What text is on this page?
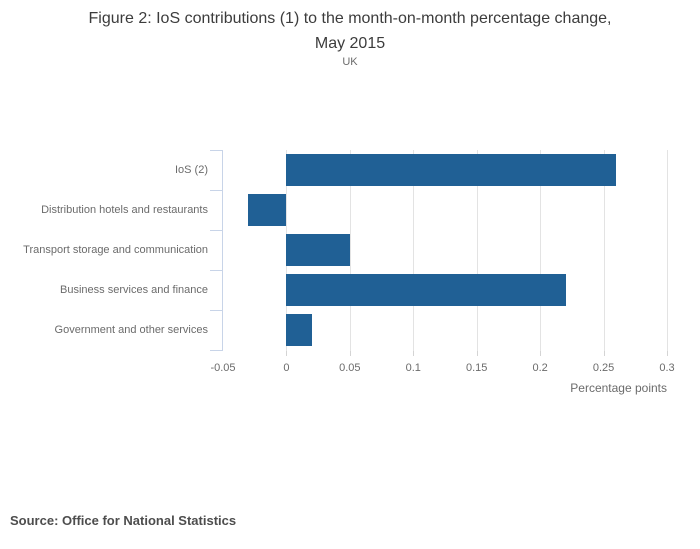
Figure 2: IoS contributions (1) to the month-on-month percentage change,
May 2015
UK
IoS (2)
Distribution hotels and restaurants
Transport storage and communication
Business services and finance
Government and other services
-0.05	0	0.05	0.1	0.15	0.2	0.25	0.3
Percentage points
Source: Office for National Statistics
